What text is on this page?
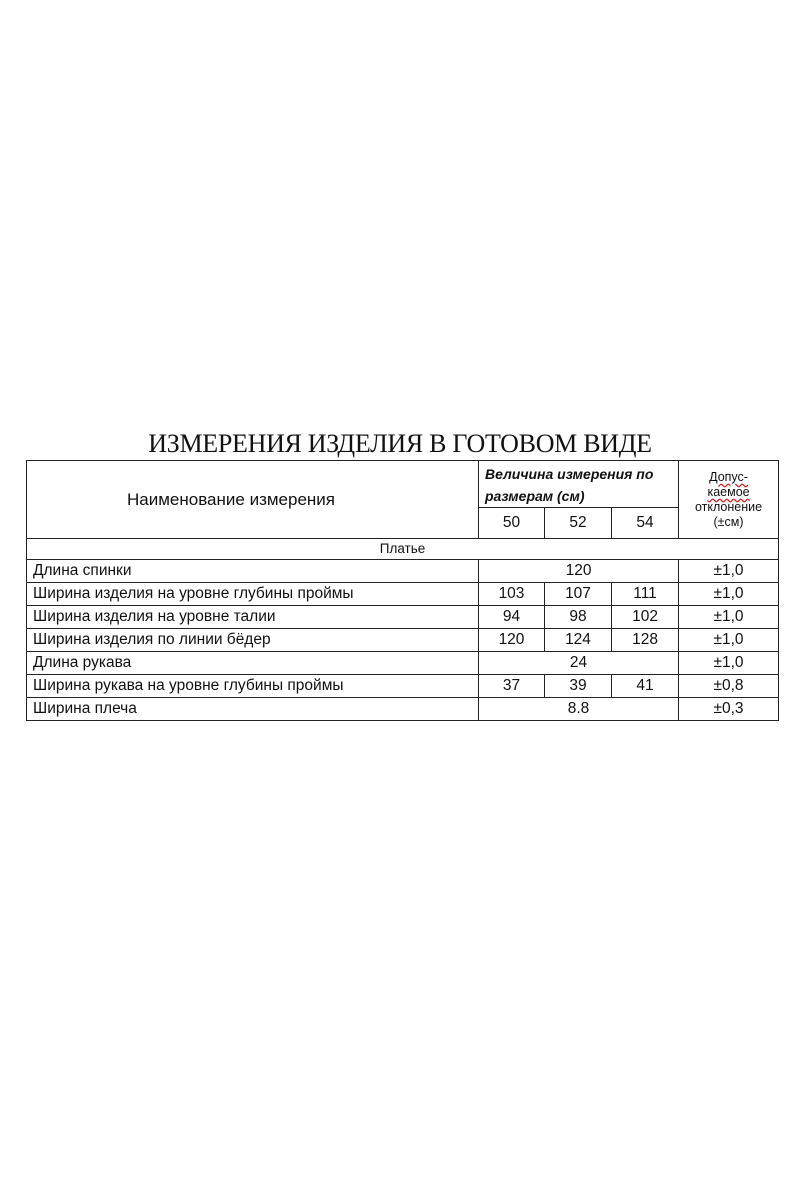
ИЗМЕРЕНИЯ ИЗДЕЛИЯ В ГОТОВОМ ВИДЕ
Наименование измерения	Величина измерения по размерам (см)			Допус-
каемое
отклонение
(±см)
	50	52	54	
Платье				
Длина спинки	120			±1,0
Ширина изделия на уровне глубины проймы	103	107	111	±1,0
Ширина изделия на уровне талии	94	98	102	±1,0
Ширина изделия по линии бёдер	120	124	128	±1,0
Длина рукава	24			±1,0
Ширина рукава на уровне глубины проймы	37	39	41	±0,8
Ширина плеча	8.8			±0,3
